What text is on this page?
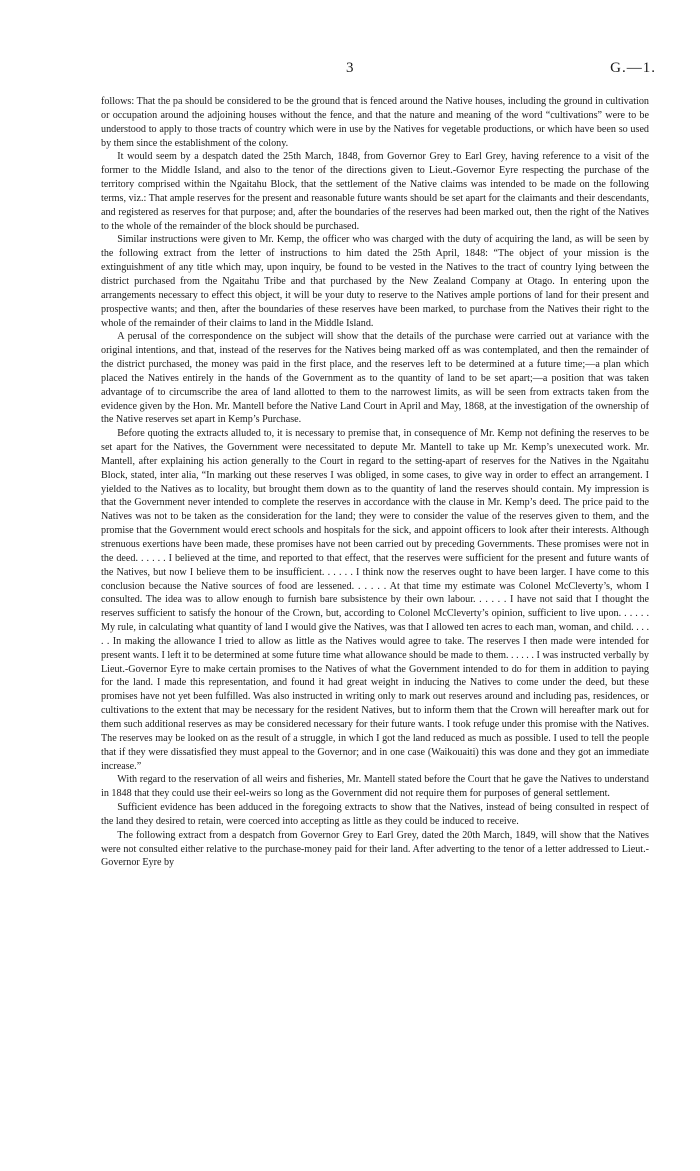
3	G.—1.

follows: That the pa should be considered to be the ground that is fenced around the Native houses, including the ground in cultivation or occupation around the adjoining houses without the fence, and that the nature and meaning of the word “cultivations” were to be understood to apply to those tracts of country which were in use by the Natives for vegetable productions, or which have been so used by them since the establishment of the colony.

It would seem by a despatch dated the 25th March, 1848, from Governor Grey to Earl Grey, having reference to a visit of the former to the Middle Island, and also to the tenor of the directions given to Lieut.-Governor Eyre respecting the purchase of the territory comprised within the Ngaitahu Block, that the settlement of the Native claims was intended to be made on the following terms, viz.: That ample reserves for the present and reasonable future wants should be set apart for the claimants and their descendants, and registered as reserves for that purpose; and, after the boundaries of the reserves had been marked out, then the right of the Natives to the whole of the remainder of the block should be purchased.

Similar instructions were given to Mr. Kemp, the officer who was charged with the duty of acquiring the land, as will be seen by the following extract from the letter of instructions to him dated the 25th April, 1848: “The object of your mission is the extinguishment of any title which may, upon inquiry, be found to be vested in the Natives to the tract of country lying between the district purchased from the Ngaitahu Tribe and that purchased by the New Zealand Company at Otago. In entering upon the arrangements necessary to effect this object, it will be your duty to reserve to the Natives ample portions of land for their present and prospective wants; and then, after the boundaries of these reserves have been marked, to purchase from the Natives their right to the whole of the remainder of their claims to land in the Middle Island.

A perusal of the correspondence on the subject will show that the details of the purchase were carried out at variance with the original intentions, and that, instead of the reserves for the Natives being marked off as was contemplated, and then the remainder of the district purchased, the money was paid in the first place, and the reserves left to be determined at a future time;—a plan which placed the Natives entirely in the hands of the Government as to the quantity of land to be set apart;—a position that was taken advantage of to circumscribe the area of land allotted to them to the narrowest limits, as will be seen from extracts taken from the evidence given by the Hon. Mr. Mantell before the Native Land Court in April and May, 1868, at the investigation of the ownership of the Native reserves set apart in Kemp’s Purchase.

Before quoting the extracts alluded to, it is necessary to premise that, in consequence of Mr. Kemp not defining the reserves to be set apart for the Natives, the Government were necessitated to depute Mr. Mantell to take up Mr. Kemp’s unexecuted work. Mr. Mantell, after explaining his action generally to the Court in regard to the setting-apart of reserves for the Natives in the Ngaitahu Block, stated, inter alia, “In marking out these reserves I was obliged, in some cases, to give way in order to effect an arrangement. I yielded to the Natives as to locality, but brought them down as to the quantity of land the reserves should contain. My impression is that the Government never intended to complete the reserves in accordance with the clause in Mr. Kemp’s deed. The price paid to the Natives was not to be taken as the consideration for the land; they were to consider the value of the reserves given to them, and the promise that the Government would erect schools and hospitals for the sick, and appoint officers to look after their interests. Although strenuous exertions have been made, these promises have not been carried out by preceding Governments. These promises were not in the deed. . . . . . I believed at the time, and reported to that effect, that the reserves were sufficient for the present and future wants of the Natives, but now I believe them to be insufficient. . . . . . I think now the reserves ought to have been larger. I have come to this conclusion because the Native sources of food are lessened. . . . . . At that time my estimate was Colonel McCleverty’s, whom I consulted. The idea was to allow enough to furnish bare subsistence by their own labour. . . . . . I have not said that I thought the reserves sufficient to satisfy the honour of the Crown, but, according to Colonel McCleverty’s opinion, sufficient to live upon. . . . . . My rule, in calculating what quantity of land I would give the Natives, was that I allowed ten acres to each man, woman, and child. . . . . . In making the allowance I tried to allow as little as the Natives would agree to take. The reserves I then made were intended for present wants. I left it to be determined at some future time what allowance should be made to them. . . . . . I was instructed verbally by Lieut.-Governor Eyre to make certain promises to the Natives of what the Government intended to do for them in addition to paying for the land. I made this representation, and found it had great weight in inducing the Natives to come under the deed, but these promises have not yet been fulfilled. Was also instructed in writing only to mark out reserves around and including pas, residences, or cultivations to the extent that may be necessary for the resident Natives, but to inform them that the Crown will hereafter mark out for them such additional reserves as may be considered necessary for their future wants. I took refuge under this promise with the Natives. The reserves may be looked on as the result of a struggle, in which I got the land reduced as much as possible. I used to tell the people that if they were dissatisfied they must appeal to the Governor; and in one case (Waikouaiti) this was done and they got an immediate increase.”

With regard to the reservation of all weirs and fisheries, Mr. Mantell stated before the Court that he gave the Natives to understand in 1848 that they could use their eel-weirs so long as the Government did not require them for purposes of general settlement.

Sufficient evidence has been adduced in the foregoing extracts to show that the Natives, instead of being consulted in respect of the land they desired to retain, were coerced into accepting as little as they could be induced to receive.

The following extract from a despatch from Governor Grey to Earl Grey, dated the 20th March, 1849, will show that the Natives were not consulted either relative to the purchase-money paid for their land. After adverting to the tenor of a letter addressed to Lieut.-Governor Eyre by
